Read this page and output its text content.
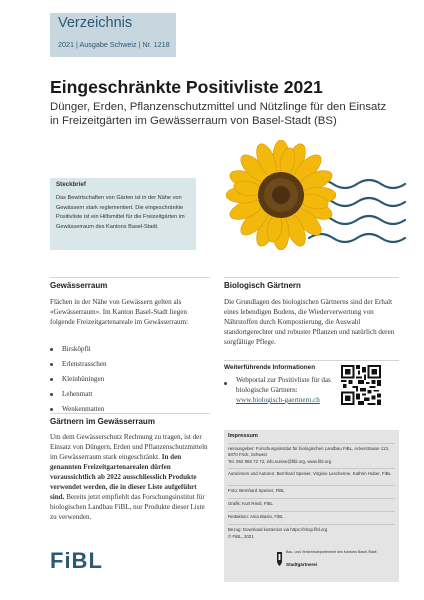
Verzeichnis
2021 | Ausgabe Schweiz | Nr. 1218
Eingeschränkte Positivliste 2021
Dünger, Erden, Pflanzenschutzmittel und Nützlinge für den Einsatz in Freizeitgärten im Gewässerraum von Basel-Stadt (BS)
Steckbrief
Das Bewirtschaften von Gärten ist in der Nähe von Gewässern stark reglementiert. Die eingeschränkte Positivliste ist ein Hilfsmittel für die Freizeitgärten im Gewässerraum des Kantons Basel-Stadt.
Gewässerraum
Flächen in der Nähe von Gewässern gelten als «Gewässerraum». Im Kanton Basel-Stadt liegen folgende Freizeitgartenareale im Gewässerraum:
Birsköpfli
Erlenstrasschen
Kleinhüningen
Lehenmatt
Wenkenmatten
Gärtnern im Gewässerraum
Um dem Gewässerschutz Rechnung zu tragen, ist der Einsatz von Düngern, Erden und Pflanzenschutzmitteln im Gewässerraum stark eingeschränkt. In den genannten Freizeitgartenarealen dürfen voraussichtlich ab 2022 ausschliesslich Produkte verwendet werden, die in dieser Liste aufgeführt sind. Bereits jetzt empfiehlt das Forschungsinstitut für biologischen Landbau FiBL, nur Produkte dieser Liste zu verwenden.
Biologisch Gärtnern
Die Grundlagen des biologischen Gärtnerns sind der Erhalt eines lebendigen Bodens, die Wiederverwertung von Nährstoffen durch Kompostierung, die Auswahl standortgerechter und robuster Pflanzen und natürlich deren sorgfältige Pflege.
Weiterführende Informationen
Webportal zur Positivliste für das biologische Gärtnern:
www.biologisch-gaertnern.ch
Impressum
Herausgeber: Forschungsinstitut für biologischen Landbau FiBL, Ackerstrasse 113, 5070 Frick, Schweiz
Tel. 062 865 72 72, info.suisse@fibl.org, www.fibl.org
Autorinnen und Autoren: Bernhard Speiser, Virginie Leschenne, Kathrin Huber, FiBL
Foto: Bernhard Speiser, FiBL
Grafik: Kurt Riedi, FiBL
Redaktion: Ania Biasio, FiBL
Bezug: Download kostenlos via https://shop.fibl.org
© FiBL, 2021
FiBL	Bau- und Verkehrsdepartement des Kantons Basel-Stadt
Stadtgärtnerei
